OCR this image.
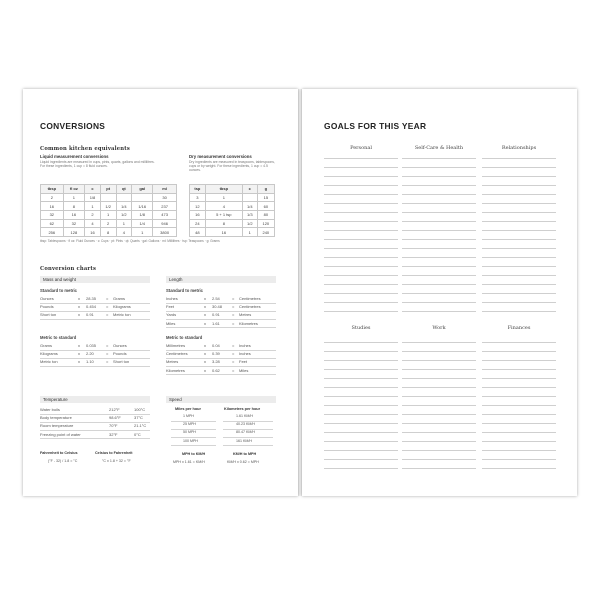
CONVERSIONS
Common kitchen equivalents
Liquid measurement conversions
Liquid ingredients are measured in cups, pints, quarts, gallons and millilitres. For these ingredients, 1 cup = 8 fluid ounces.
Dry measurement conversions
Dry ingredients are measured in teaspoons, tablespoons, cups or by weight. For these ingredients, 1 cup = 4.5 ounces.
tbsp	fl oz	c	pt	qt	gal	ml
2	1	1/8				30
16	8	1	1/2	1/4	1/16	237
32	16	2	1	1/2	1/8	473
62	32	4	2	1	1/4	946
256	128	16	8	4	1	3800
tsp	tbsp	c	g
3	1		15
12	4	1/4	60
16	5 + 1 tsp	1/3	80
24	8	1/2	120
48	16	1	240
tbsp: Tablespoons · fl oz: Fluid Ounces · c: Cups · pt: Pints · qt: Quarts · gal: Gallons · ml: Millilitres · tsp: Teaspoons · g: Grams
Conversion charts
Mass and weight
Standard to metric
Ounces	x 28.35 = Grams
Pounds	x 0.454 = Kilograms
Short ton	x 0.91	= Metric ton
Metric to standard
Grams	x 0.035 = Ounces
Kilograms	x 2.20	= Pounds
Metric ton	x 1.10	= Short ton
Length
Standard to metric
Inches	x 2.54	= Centimetres
Feet	x 30.48 = Centimetres
Yards	x 0.91	= Metres
Miles	x 1.61	= Kilometres
Metric to standard
Millimetres	x 0.04	= Inches
Centimetres	x 0.39	= Inches
Metres	x 3.28	= Feet
Kilometres	x 0.62	= Miles
Temperature
Water boils	212°F	100°C
Body temperature	98.6°F	37°C
Room temperature	70°F	21.1°C
Freezing point of water	32°F	0°C
Fahrenheit to Celsius
(°F - 32) / 1.8 = °C
Celsius to Fahrenheit
°C x 1.8 + 32 = °F
Speed
Miles per hour	Kilometres per hour
1 MPH	1.61 KM/H
25 MPH	40.23 KM/H
50 MPH	80.47 KM/H
100 MPH	161 KM/H
MPH to KM/H
MPH x 1.61 = KM/H
KM/H to MPH
KM/H x 0.62 = MPH
GOALS FOR THIS YEAR
Personal	Self-Care & Health	Relationships
Studies	Work	Finances
